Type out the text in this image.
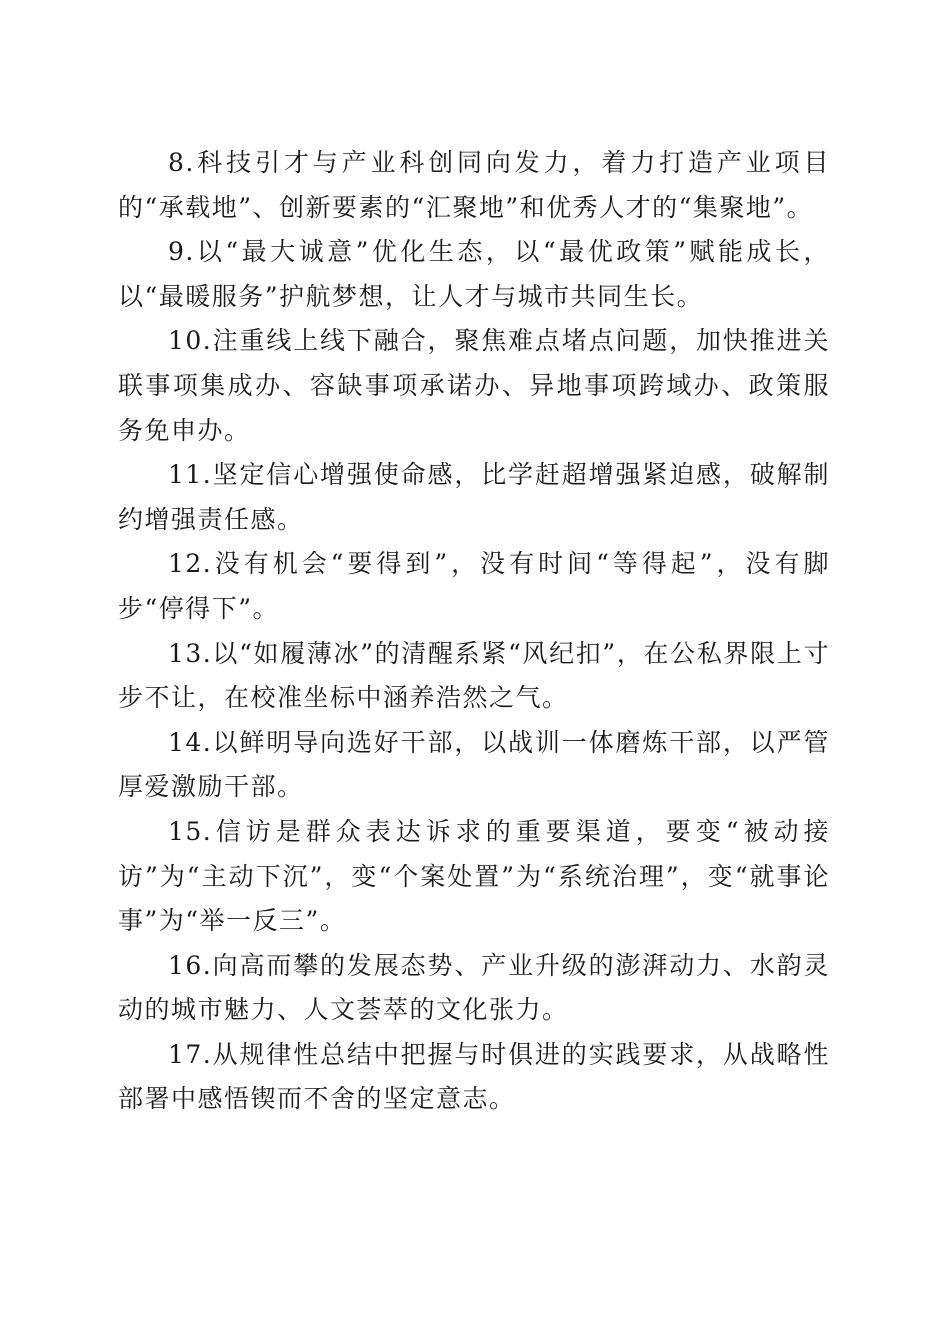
8.科技引才与产业科创同向发力，着力打造产业项目的“承载地”、创新要素的“汇聚地”和优秀人才的“集聚地”。

9.以“最大诚意”优化生态，以“最优政策”赋能成长，以“最暖服务”护航梦想，让人才与城市共同生长。

10.注重线上线下融合，聚焦难点堵点问题，加快推进关联事项集成办、容缺事项承诺办、异地事项跨域办、政策服务免申办。

11.坚定信心增强使命感，比学赶超增强紧迫感，破解制约增强责任感。

12.没有机会“要得到”，没有时间“等得起”，没有脚步“停得下”。

13.以“如履薄冰”的清醒系紧“风纪扣”，在公私界限上寸步不让，在校准坐标中涵养浩然之气。

14.以鲜明导向选好干部，以战训一体磨炼干部，以严管厚爱激励干部。

15.信访是群众表达诉求的重要渠道，要变“被动接访”为“主动下沉”，变“个案处置”为“系统治理”，变“就事论事”为“举一反三”。

16.向高而攀的发展态势、产业升级的澎湃动力、水韵灵动的城市魅力、人文荟萃的文化张力。

17.从规律性总结中把握与时俱进的实践要求，从战略性部署中感悟锲而不舍的坚定意志。
